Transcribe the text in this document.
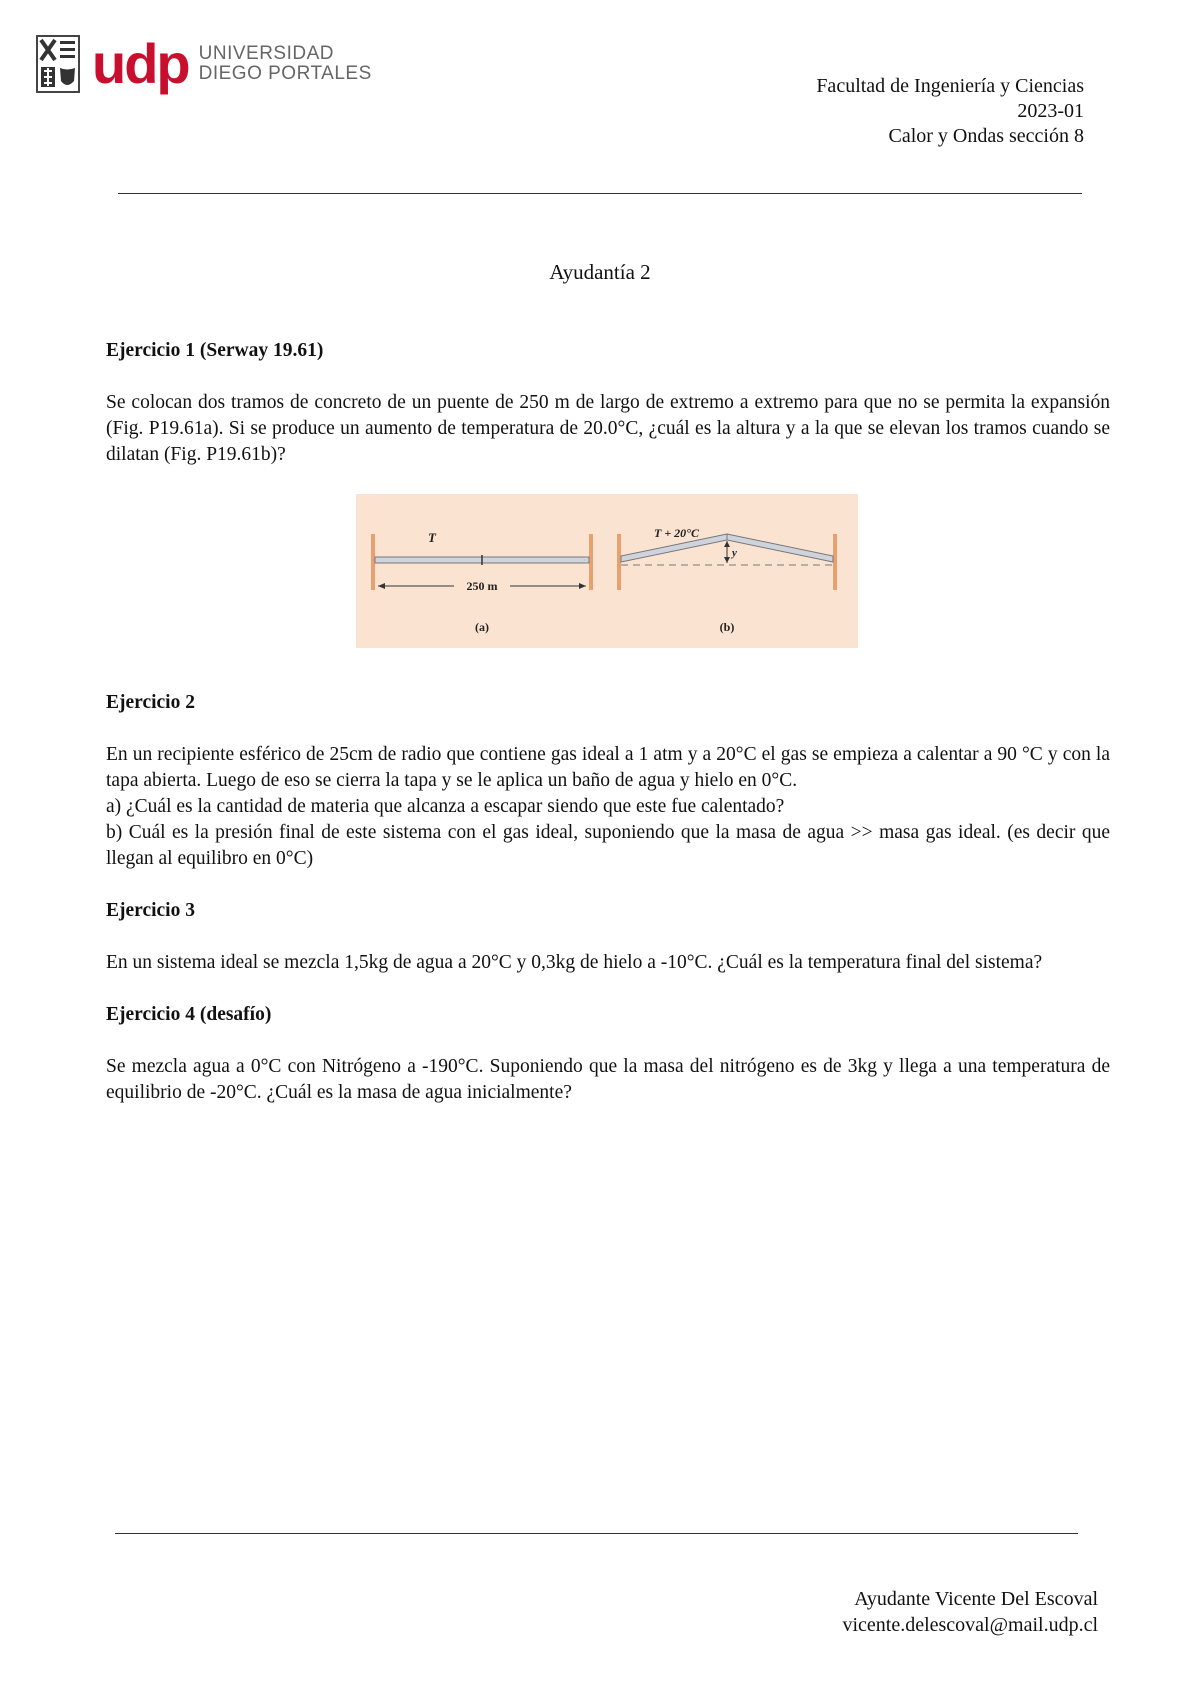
udp UNIVERSIDAD
DIEGO PORTALES
Facultad de Ingeniería y Ciencias
2023-01
Calor y Ondas sección 8
Ayudantía 2
Ejercicio 1 (Serway 19.61)

Se colocan dos tramos de concreto de un puente de 250 m de largo de extremo a extremo para que no se permita la expansión (Fig. P19.61a). Si se produce un aumento de temperatura de 20.0°C, ¿cuál es la altura y a la que se elevan los tramos cuando se dilatan (Fig. P19.61b)?

Ejercicio 2

En un recipiente esférico de 25cm de radio que contiene gas ideal a 1 atm y a 20°C el gas se empieza a calentar a 90 °C y con la tapa abierta. Luego de eso se cierra la tapa y se le aplica un baño de agua y hielo en 0°C.

a) ¿Cuál es la cantidad de materia que alcanza a escapar siendo que este fue calentado?

b) Cuál es la presión final de este sistema con el gas ideal, suponiendo que la masa de agua >> masa gas ideal. (es decir que llegan al equilibro en 0°C)

Ejercicio 3

En un sistema ideal se mezcla 1,5kg de agua a 20°C y 0,3kg de hielo a -10°C. ¿Cuál es la temperatura final del sistema?

Ejercicio 4 (desafío)

Se mezcla agua a 0°C con Nitrógeno a -190°C. Suponiendo que la masa del nitrógeno es de 3kg y llega a una temperatura de equilibrio de -20°C. ¿Cuál es la masa de agua inicialmente?

T
250 m
(a)
y
T + 20°C
(b)
Ayudante Vicente Del Escoval
vicente.delescoval@mail.udp.cl
